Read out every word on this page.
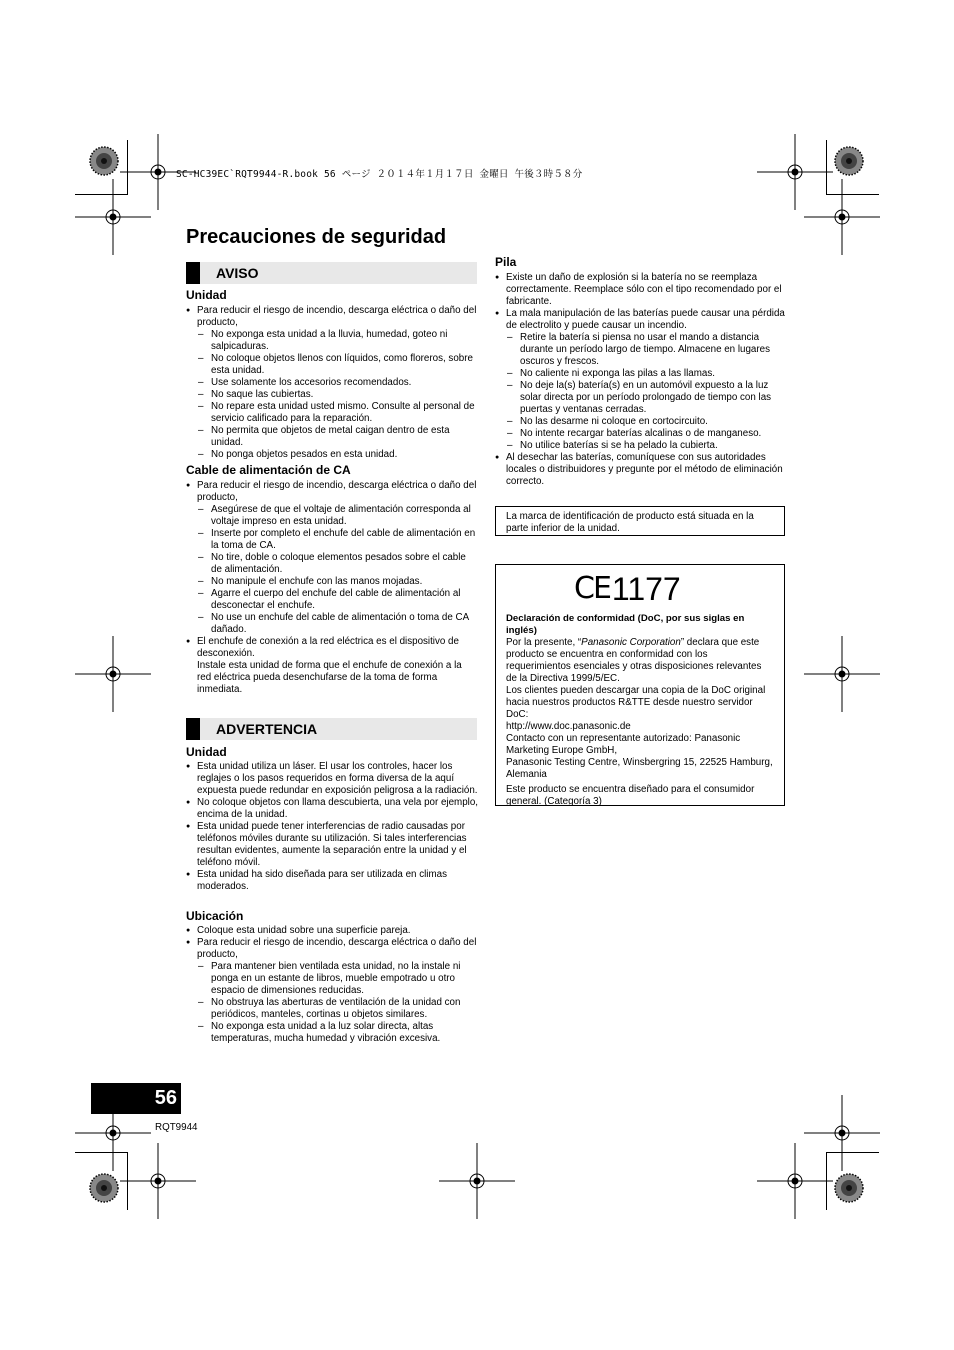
SC-HC39EC`RQT9944-R.book 56 ページ ２０１４年１月１７日 金曜日 午後３時５８分
Precauciones de seguridad
AVISO
Unidad
● Para reducir el riesgo de incendio, descarga eléctrica o daño del producto,
– No exponga esta unidad a la lluvia, humedad, goteo ni salpicaduras.
– No coloque objetos llenos con líquidos, como floreros, sobre esta unidad.
– Use solamente los accesorios recomendados.
– No saque las cubiertas.
– No repare esta unidad usted mismo. Consulte al personal de servicio calificado para la reparación.
– No permita que objetos de metal caigan dentro de esta unidad.
– No ponga objetos pesados en esta unidad.
Cable de alimentación de CA
● Para reducir el riesgo de incendio, descarga eléctrica o daño del producto,
– Asegúrese de que el voltaje de alimentación corresponda al voltaje impreso en esta unidad.
– Inserte por completo el enchufe del cable de alimentación en la toma de CA.
– No tire, doble o coloque elementos pesados sobre el cable de alimentación.
– No manipule el enchufe con las manos mojadas.
– Agarre el cuerpo del enchufe del cable de alimentación al desconectar el enchufe.
– No use un enchufe del cable de alimentación o toma de CA dañado.
● El enchufe de conexión a la red eléctrica es el dispositivo de desconexión.
Instale esta unidad de forma que el enchufe de conexión a la red eléctrica pueda desenchufarse de la toma de forma inmediata.
ADVERTENCIA
Unidad
● Esta unidad utiliza un láser. El usar los controles, hacer los reglajes o los pasos requeridos en forma diversa de la aquí expuesta puede redundar en exposición peligrosa a la radiación.
● No coloque objetos con llama descubierta, una vela por ejemplo, encima de la unidad.
● Esta unidad puede tener interferencias de radio causadas por teléfonos móviles durante su utilización. Si tales interferencias resultan evidentes, aumente la separación entre la unidad y el teléfono móvil.
● Esta unidad ha sido diseñada para ser utilizada en climas moderados.
Ubicación
● Coloque esta unidad sobre una superficie pareja.
● Para reducir el riesgo de incendio, descarga eléctrica o daño del producto,
– Para mantener bien ventilada esta unidad, no la instale ni ponga en un estante de libros, mueble empotrado u otro espacio de dimensiones reducidas.
– No obstruya las aberturas de ventilación de la unidad con periódicos, manteles, cortinas u objetos similares.
– No exponga esta unidad a la luz solar directa, altas temperaturas, mucha humedad y vibración excesiva.
Pila
● Existe un daño de explosión si la batería no se reemplaza correctamente. Reemplace sólo con el tipo recomendado por el fabricante.
● La mala manipulación de las baterías puede causar una pérdida de electrolito y puede causar un incendio.
– Retire la batería si piensa no usar el mando a distancia durante un período largo de tiempo. Almacene en lugares oscuros y frescos.
– No caliente ni exponga las pilas a las llamas.
– No deje la(s) batería(s) en un automóvil expuesto a la luz solar directa por un período prolongado de tiempo con las puertas y ventanas cerradas.
– No las desarme ni coloque en cortocircuito.
– No intente recargar baterías alcalinas o de manganeso.
– No utilice baterías si se ha pelado la cubierta.
● Al desechar las baterías, comuníquese con sus autoridades locales o distribuidores y pregunte por el método de eliminación correcto.
La marca de identificación de producto está situada en la parte inferior de la unidad.
CE 1177
Declaración de conformidad (DoC, por sus siglas en inglés)
Por la presente, “Panasonic Corporation” declara que este producto se encuentra en conformidad con los requerimientos esenciales y otras disposiciones relevantes de la Directiva 1999/5/EC.
Los clientes pueden descargar una copia de la DoC original hacia nuestros productos R&TTE desde nuestro servidor DoC:
http://www.doc.panasonic.de
Contacto con un representante autorizado: Panasonic Marketing Europe GmbH,
Panasonic Testing Centre, Winsbergring 15, 22525 Hamburg, Alemania
Este producto se encuentra diseñado para el consumidor general. (Categoría 3)
56
RQT9944
